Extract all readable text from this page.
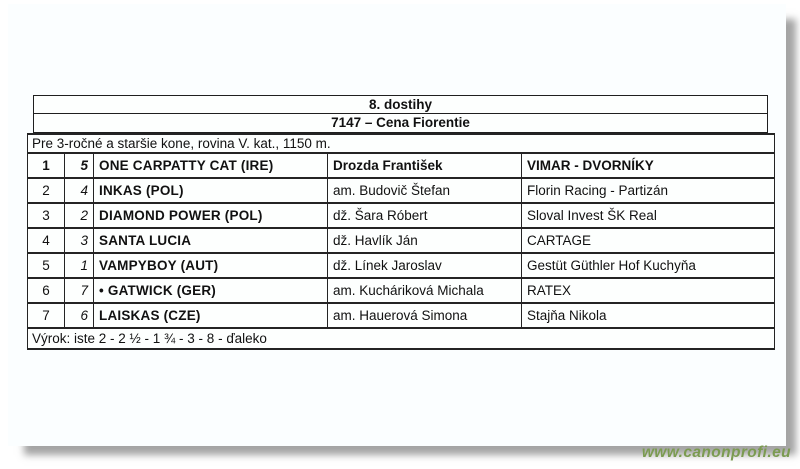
8. dostihy
7147 – Cena Fiorentie
Pre 3-ročné a staršie kone, rovina V. kat., 1150 m.				
1	5	ONE CARPATTY CAT (IRE)	Drozda František	VIMAR - DVORNÍKY
2	4	INKAS (POL)	am. Budovič Štefan	Florin Racing - Partizán
3	2	DIAMOND POWER (POL)	dž. Šara Róbert	Sloval Invest ŠK Real
4	3	SANTA LUCIA	dž. Havlík Ján	CARTAGE
5	1	VAMPYBOY (AUT)	dž. Línek Jaroslav	Gestüt Güthler Hof Kuchyňa
6	7	• GATWICK (GER)	am. Kucháriková Michala	RATEX
7	6	LAISKAS (CZE)	am. Hauerová Simona	Stajňa Nikola
Výrok: iste 2 - 2 ½ - 1 ¾ - 3 - 8 - ďaleko				
www.canonprofi.eu
